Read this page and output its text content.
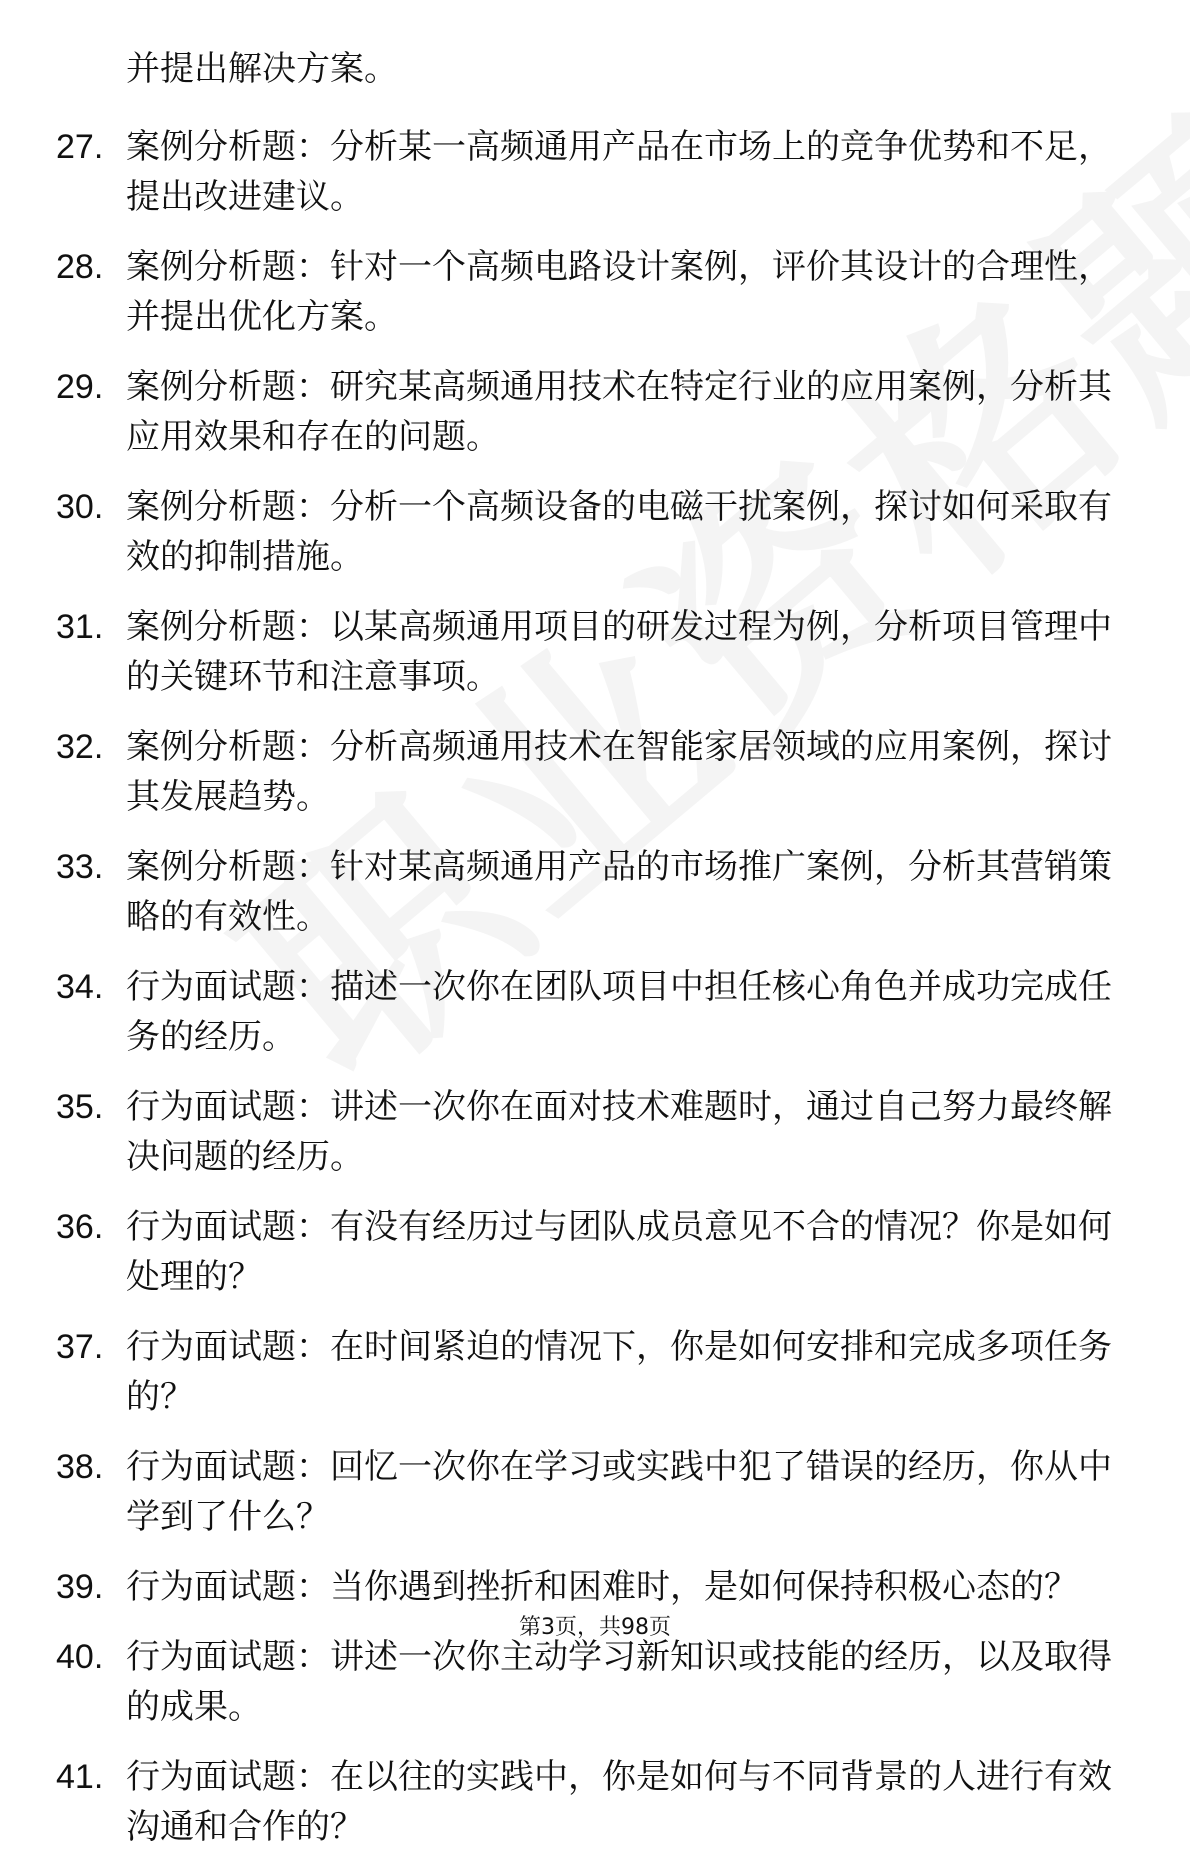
并提出解决方案。
27. 案例分析题：分析某一高频通用产品在市场上的竞争优势和不足，提出改进建议。
28. 案例分析题：针对一个高频电路设计案例，评价其设计的合理性，并提出优化方案。
29. 案例分析题：研究某高频通用技术在特定行业的应用案例，分析其应用效果和存在的问题。
30. 案例分析题：分析一个高频设备的电磁干扰案例，探讨如何采取有效的抑制措施。
31. 案例分析题：以某高频通用项目的研发过程为例，分析项目管理中的关键环节和注意事项。
32. 案例分析题：分析高频通用技术在智能家居领域的应用案例，探讨其发展趋势。
33. 案例分析题：针对某高频通用产品的市场推广案例，分析其营销策略的有效性。
34. 行为面试题：描述一次你在团队项目中担任核心角色并成功完成任务的经历。
35. 行为面试题：讲述一次你在面对技术难题时，通过自己努力最终解决问题的经历。
36. 行为面试题：有没有经历过与团队成员意见不合的情况？你是如何处理的？
37. 行为面试题：在时间紧迫的情况下，你是如何安排和完成多项任务的？
38. 行为面试题：回忆一次你在学习或实践中犯了错误的经历，你从中学到了什么？
39. 行为面试题：当你遇到挫折和困难时，是如何保持积极心态的？
40. 行为面试题：讲述一次你主动学习新知识或技能的经历，以及取得的成果。
41. 行为面试题：在以往的实践中，你是如何与不同背景的人进行有效沟通和合作的？
第3页，共98页
